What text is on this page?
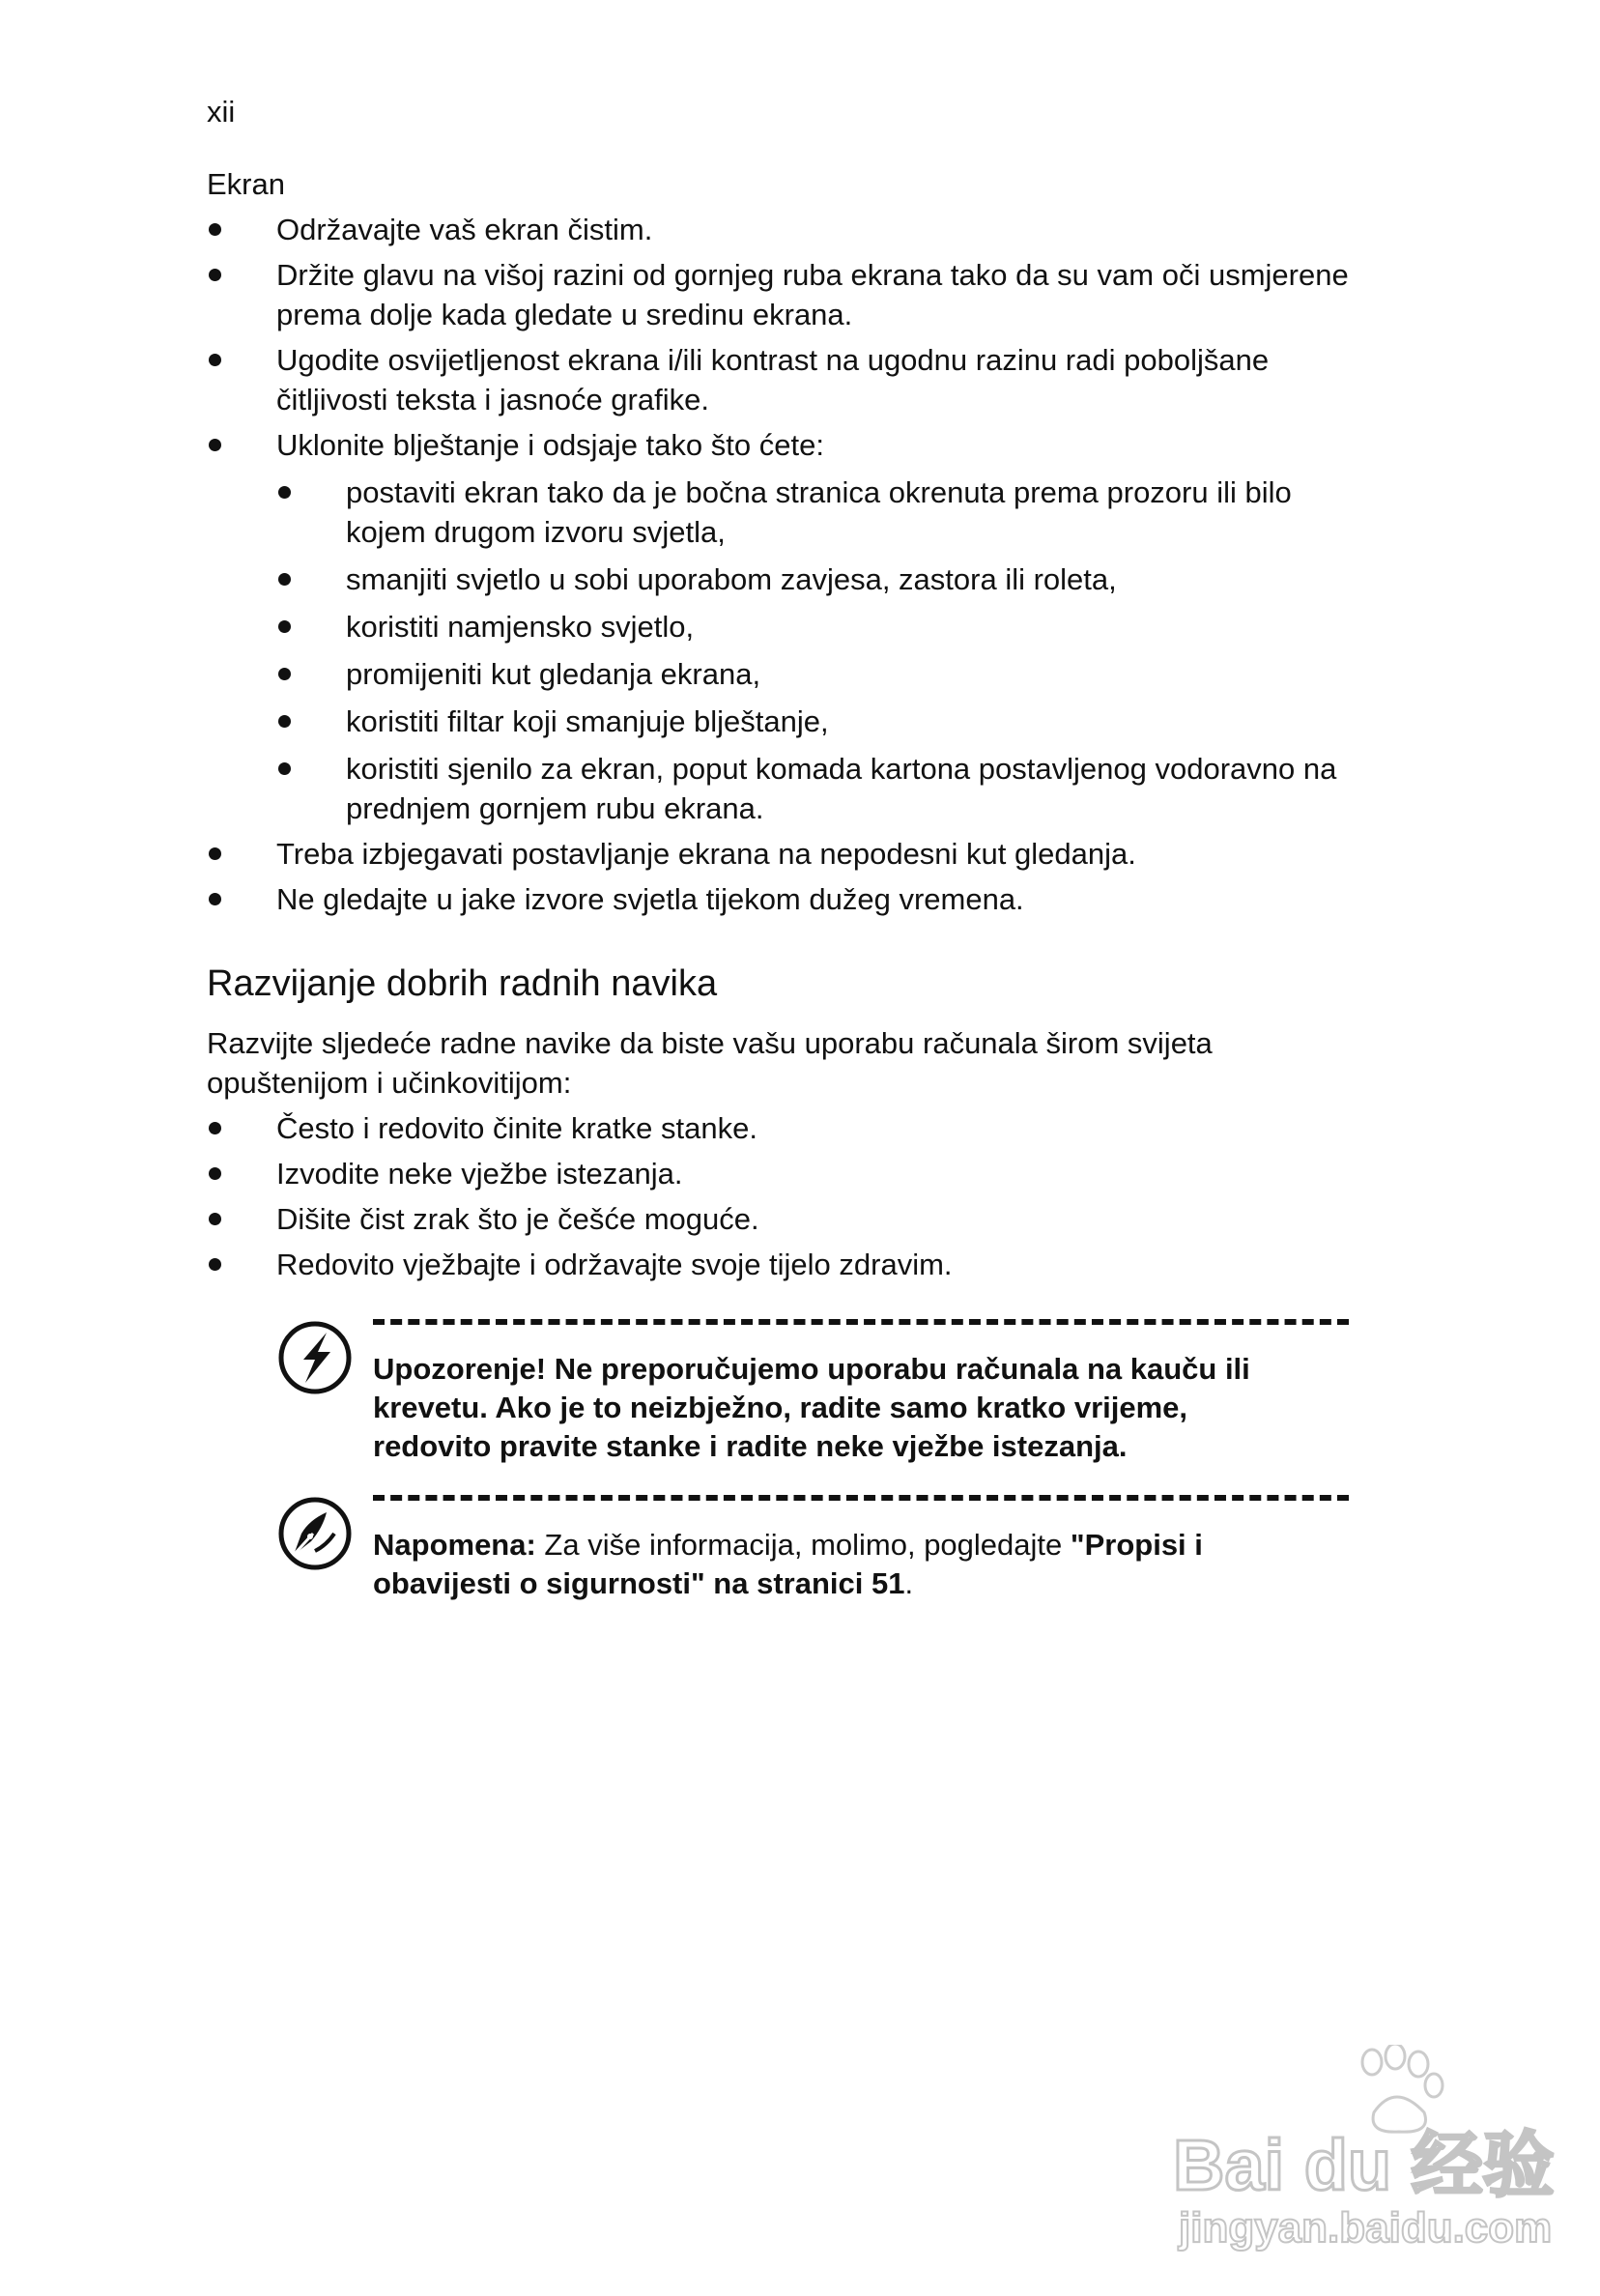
xii

Ekran

Održavajte vaš ekran čistim.
Držite glavu na višoj razini od gornjeg ruba ekrana tako da su vam oči usmjerene prema dolje kada gledate u sredinu ekrana.
Ugodite osvijetljenost ekrana i/ili kontrast na ugodnu razinu radi poboljšane čitljivosti teksta i jasnoće grafike.
Uklonite blještanje i odsjaje tako što ćete:
postaviti ekran tako da je bočna stranica okrenuta prema prozoru ili bilo kojem drugom izvoru svjetla,
smanjiti svjetlo u sobi uporabom zavjesa, zastora ili roleta,
koristiti namjensko svjetlo,
promijeniti kut gledanja ekrana,
koristiti filtar koji smanjuje blještanje,
koristiti sjenilo za ekran, poput komada kartona postavljenog vodoravno na prednjem gornjem rubu ekrana.
Treba izbjegavati postavljanje ekrana na nepodesni kut gledanja.
Ne gledajte u jake izvore svjetla tijekom dužeg vremena.
Razvijanje dobrih radnih navika

Razvijte sljedeće radne navike da biste vašu uporabu računala širom svijeta opuštenijom i učinkovitijom:

Često i redovito činite kratke stanke.
Izvodite neke vježbe istezanja.
Dišite čist zrak što je češće moguće.
Redovito vježbajte i održavajte svoje tijelo zdravim.
Upozorenje! Ne preporučujemo uporabu računala na kauču ili krevetu. Ako je to neizbježno, radite samo kratko vrijeme, redovito pravite stanke i radite neke vježbe istezanja.
Napomena: Za više informacija, molimo, pogledajte "Propisi i obavijesti o sigurnosti" na stranici 51.
Bai du 经验
jingyan.baidu.com
